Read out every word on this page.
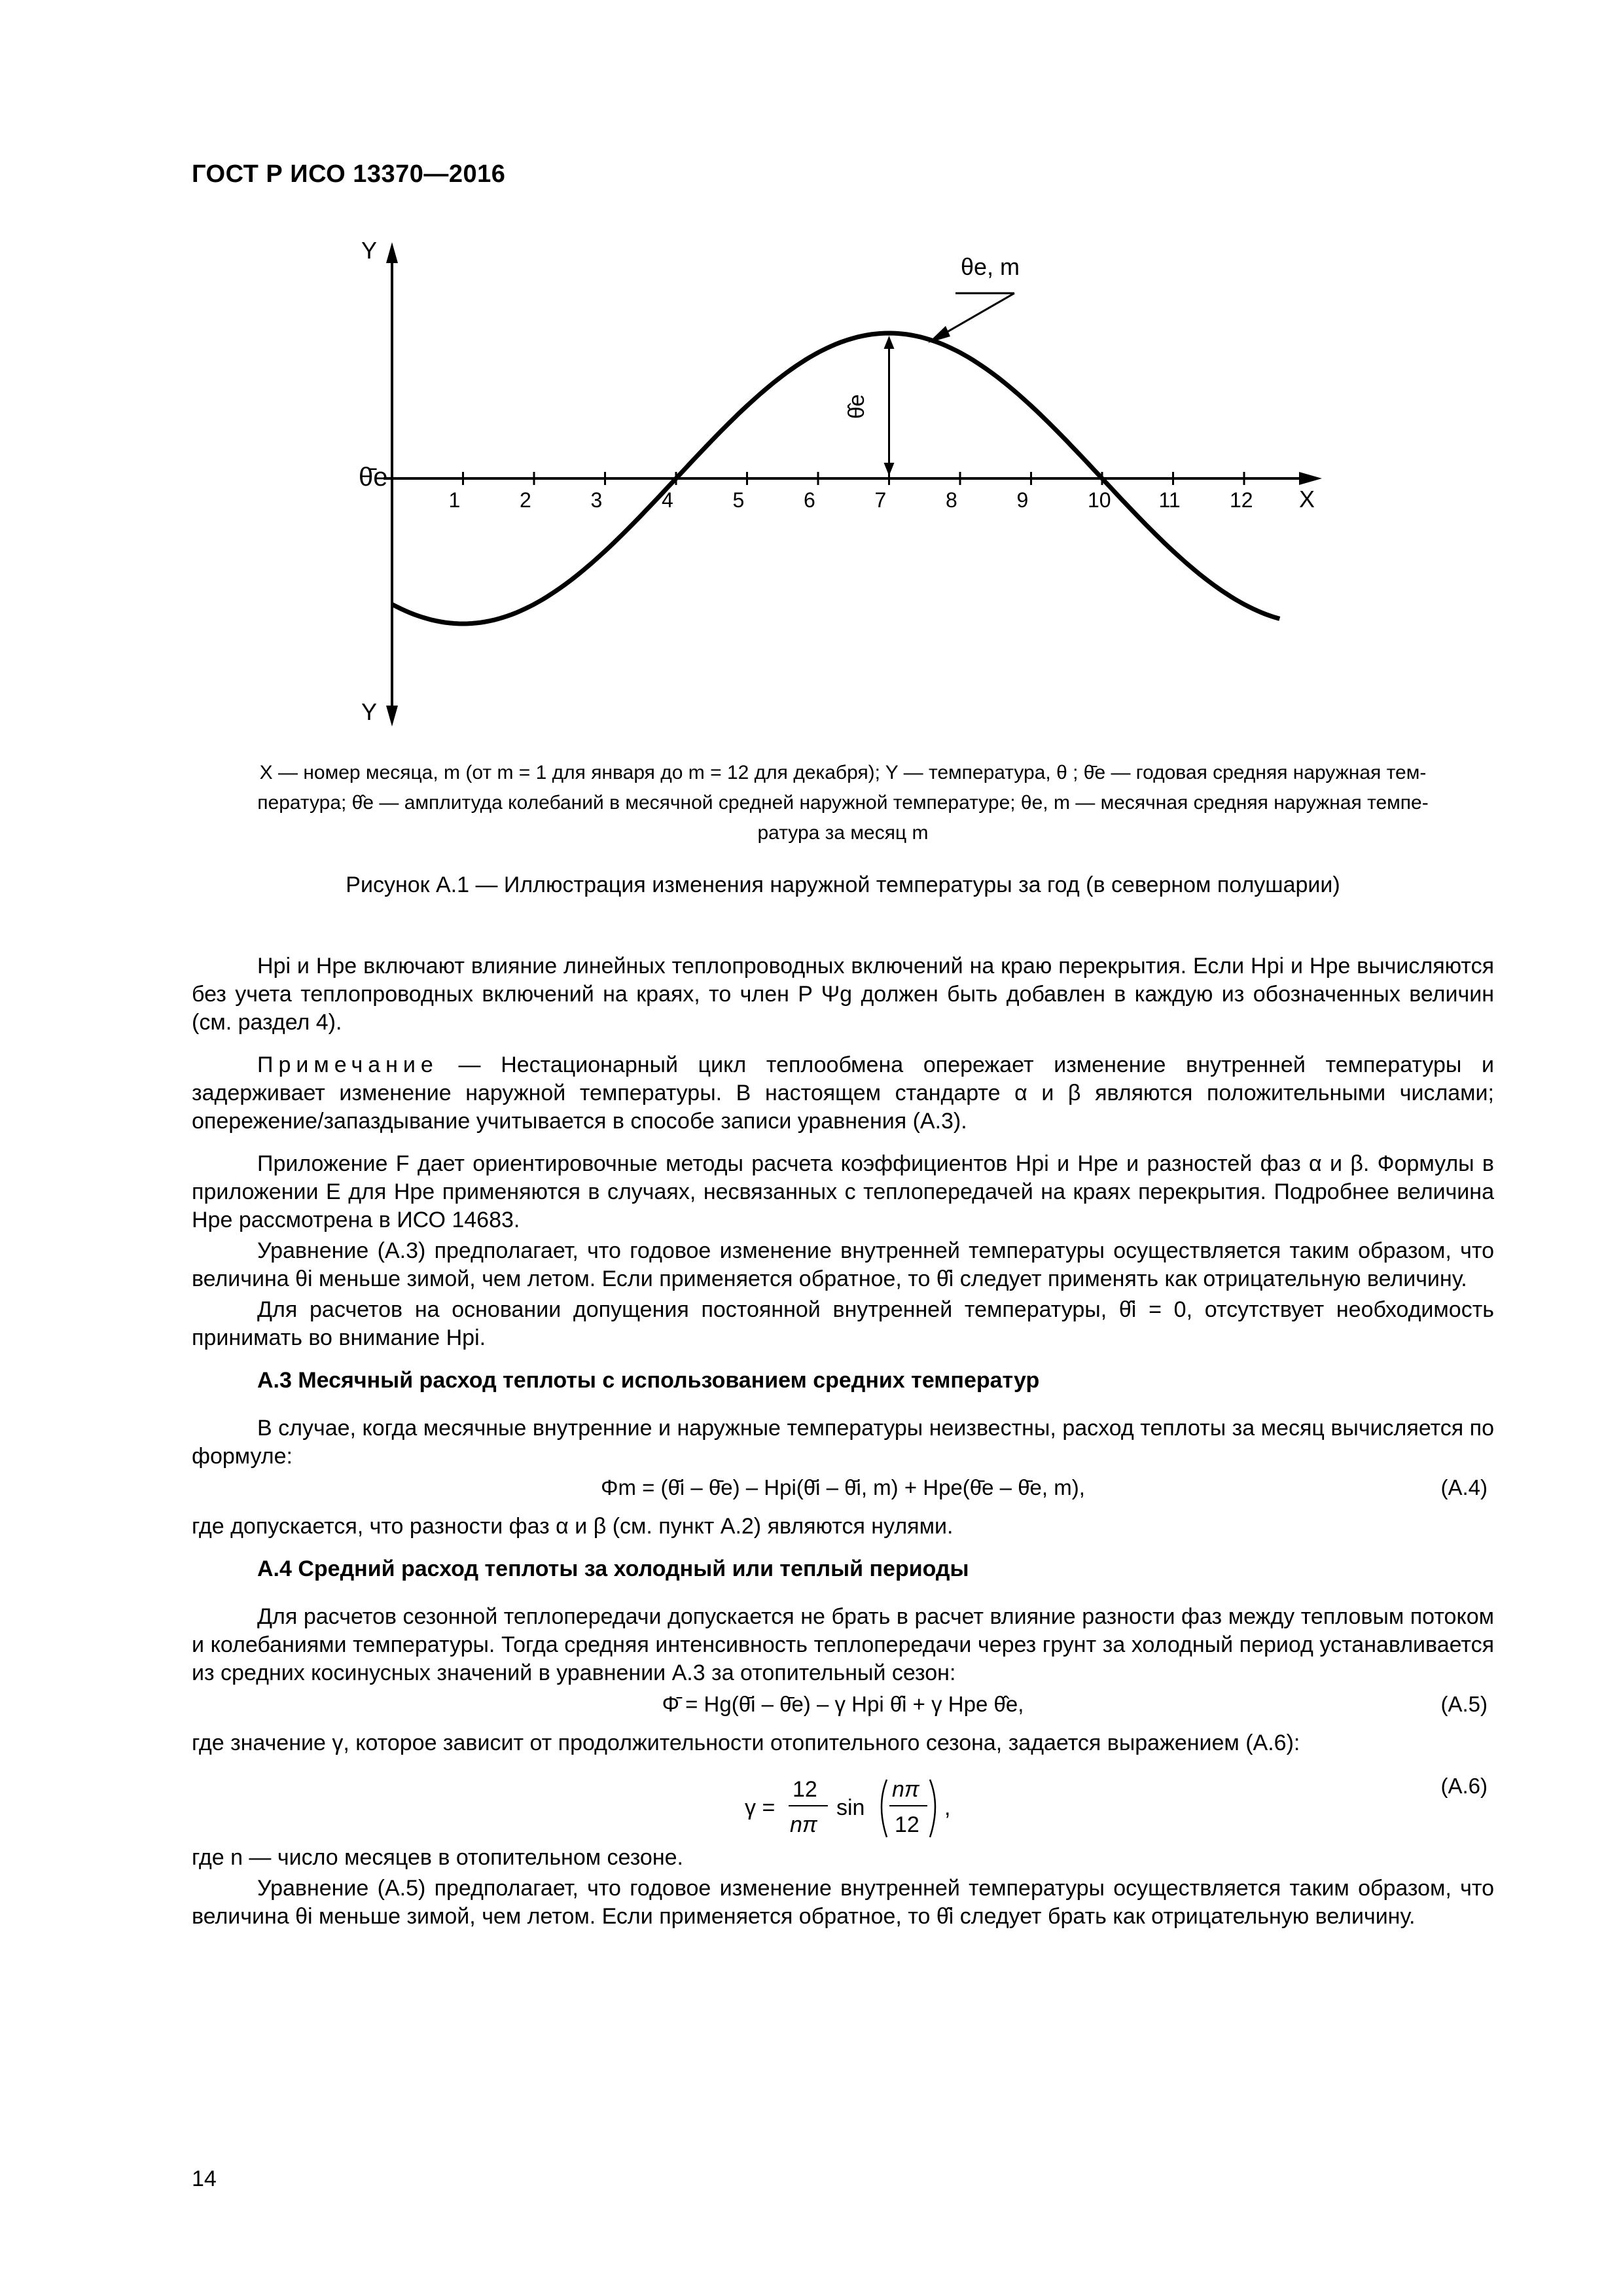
ГОСТ Р ИСО 13370—2016
1	2	3	4	5	6	7	8	9	10 11 12
Y
Y
X
θ̄e
θe, m
θ̂e
X — номер месяца, m (от m = 1 для января до m = 12 для декабря); Y — температура, θ ; θ̄e — годовая средняя наружная тем-
пература; θ̂e — амплитуда колебаний в месячной средней наружной температуре; θe, m — месячная средняя наружная темпе-
ратура за месяц m
Рисунок А.1 — Иллюстрация изменения наружной температуры за год (в северном полушарии)

Hpi и Hpe включают влияние линейных теплопроводных включений на краю перекрытия. Если Hpi и Hpe вычисляются без учета теплопроводных включений на краях, то член P Ψg должен быть добавлен в каждую из обозначенных величин (см. раздел 4).

Примечание — Нестационарный цикл теплообмена опережает изменение внутренней температуры и задерживает изменение наружной температуры. В настоящем стандарте α и β являются положительными числами; опережение/запаздывание учитывается в способе записи уравнения (А.3).

Приложение F дает ориентировочные методы расчета коэффициентов Hpi и Hpe и разностей фаз α и β. Формулы в приложении Е для Hpe применяются в случаях, несвязанных с теплопередачей на краях перекрытия. Подробнее величина Hpe рассмотрена в ИСО 14683.

Уравнение (А.3) предполагает, что годовое изменение внутренней температуры осуществляется таким образом, что величина θi меньше зимой, чем летом. Если применяется обратное, то θ̂i следует применять как отрицательную величину.

Для расчетов на основании допущения постоянной внутренней температуры, θ̂i = 0, отсутствует необходимость принимать во внимание Hpi.

А.3 Месячный расход теплоты с использованием средних температур

В случае, когда месячные внутренние и наружные температуры неизвестны, расход теплоты за месяц вычисляется по формуле:

Φm = (θ̄i – θ̄e) – Hpi(θ̄i – θ̄i, m) + Hpe(θ̄e – θ̄e, m),	(А.4)

где допускается, что разности фаз α и β (см. пункт А.2) являются нулями.

А.4 Средний расход теплоты за холодный или теплый периоды

Для расчетов сезонной теплопередачи допускается не брать в расчет влияние разности фаз между тепловым потоком и колебаниями температуры. Тогда средняя интенсивность теплопередачи через грунт за холодный период устанавливается из средних косинусных значений в уравнении А.3 за отопительный сезон:

Φ̄ = Hg(θ̄i – θ̄e) – γ Hpi θ̂i + γ Hpe θ̂e,	(А.5)

где значение γ, которое зависит от продолжительности отопительного сезона, задается выражением (А.6):

γ =
12
nπ
sin
nπ
12
,
(А.6)

где n — число месяцев в отопительном сезоне.

Уравнение (А.5) предполагает, что годовое изменение внутренней температуры осуществляется таким образом, что величина θi меньше зимой, чем летом. Если применяется обратное, то θ̂i следует брать как отрицательную величину.

14
